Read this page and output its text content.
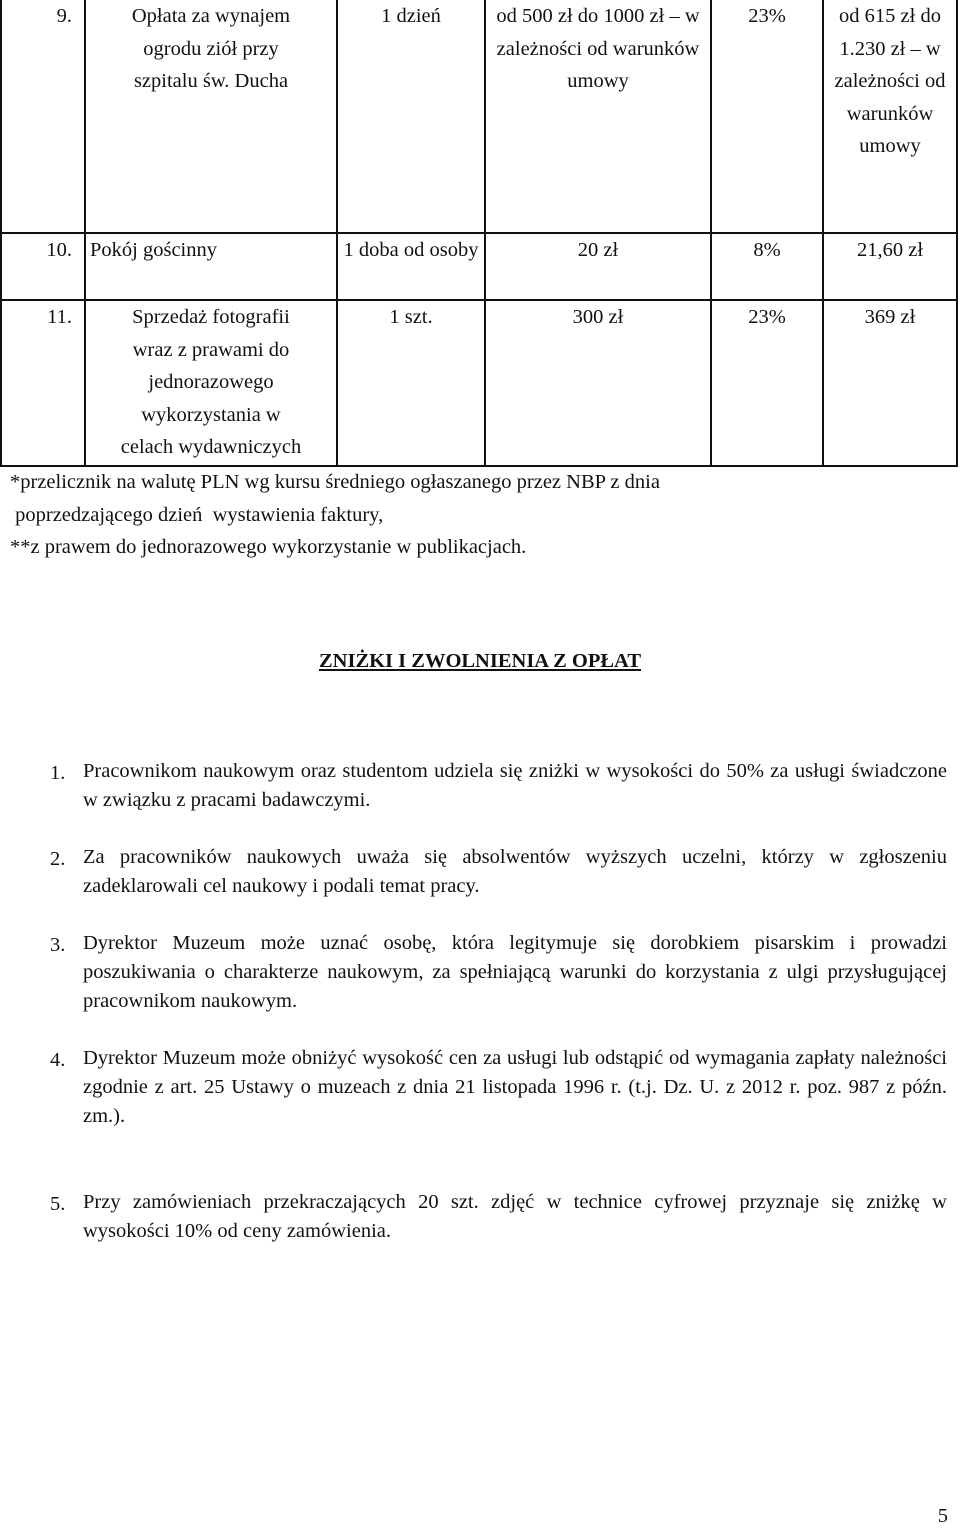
9.	Opłata za wynajem
ogrodu ziół przy
szpitalu św. Ducha	1 dzień	od 500 zł do 1000 zł – w zależności od warunków umowy	23%	od 615 zł do 1.230 zł – w zależności od warunków umowy
10.	Pokój gościnny	1 doba od osoby	20 zł	8%	21,60 zł
11.	Sprzedaż fotografii
wraz z prawami do
jednorazowego
wykorzystania w
celach wydawniczych	1 szt.	300 zł	23%	369 zł
*przelicznik na walutę PLN wg kursu średniego ogłaszanego przez NBP z dnia
poprzedzającego dzień  wystawienia faktury,
**z prawem do jednorazowego wykorzystanie w publikacjach.
ZNIŻKI I ZWOLNIENIA Z OPŁAT
1. Pracownikom naukowym oraz studentom udziela się zniżki w wysokości do 50% za usługi świadczone w związku z pracami badawczymi.
2. Za pracowników naukowych uważa się absolwentów wyższych uczelni, którzy w zgłoszeniu zadeklarowali cel naukowy i podali temat pracy.
3. Dyrektor Muzeum może uznać osobę, która legitymuje się dorobkiem pisarskim i prowadzi poszukiwania o charakterze naukowym, za spełniającą warunki do korzystania z ulgi przysługującej pracownikom naukowym.
4. Dyrektor Muzeum może obniżyć wysokość cen za usługi lub odstąpić od wymagania zapłaty należności zgodnie z art. 25 Ustawy o muzeach z dnia 21 listopada 1996 r. (t.j. Dz. U. z 2012 r. poz. 987 z późn. zm.).
5. Przy zamówieniach przekraczających 20 szt. zdjęć w technice cyfrowej przyznaje się zniżkę w wysokości 10% od ceny zamówienia.
5
